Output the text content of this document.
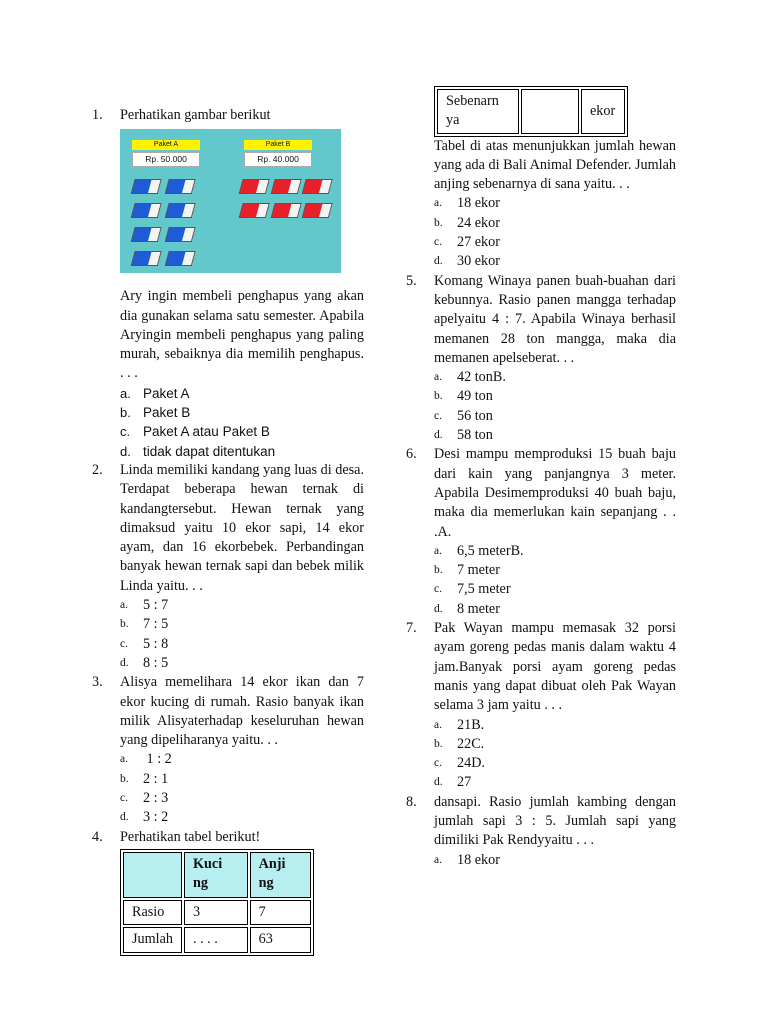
1.	Perhatikan gambar berikut
Paket A
Rp. 50.000
Paket B
Rp. 40.000
Ary ingin membeli penghapus yang akan dia gunakan selama satu semester. Apabila Aryingin membeli penghapus yang paling murah, sebaiknya dia memilih penghapus. . . .
a. Paket A
b. Paket B
c. Paket A atau Paket B
d. tidak dapat ditentukan
2.	Linda memiliki kandang yang luas di desa. Terdapat beberapa hewan ternak di kandangtersebut. Hewan ternak yang dimaksud yaitu 10 ekor sapi, 14 ekor ayam, dan 16 ekorbebek. Perbandingan banyak hewan ternak sapi dan bebek milik Linda yaitu. . .
a.	5 : 7
b.	7 : 5
c.	5 : 8
d.	8 : 5
3.	Alisya memelihara 14 ekor ikan dan 7 ekor kucing di rumah. Rasio banyak ikan milik Alisyaterhadap keseluruhan hewan yang dipeliharanya yaitu. . .
a.	1 : 2
b.	2 : 1
c.	2 : 3
d.	3 : 2
4.	Perhatikan tabel berikut!
	Kuci ng	Anji ng
Rasio	3	7
Jumlah	. . . .	63
Sebenarn ya		ekor
Tabel di atas menunjukkan jumlah hewan yang ada di Bali Animal Defender. Jumlah anjing sebenarnya di sana yaitu. . .
a.	18 ekor
b.	24 ekor
c.	27 ekor
d.	30 ekor
5.	Komang Winaya panen buah-buahan dari kebunnya. Rasio panen mangga terhadap apelyaitu 4 : 7. Apabila Winaya berhasil memanen 28 ton mangga, maka dia memanen apelseberat. . .
a.	42 tonB.
b.	49 ton
c.	56 ton
d.	58 ton
6.	Desi mampu memproduksi 15 buah baju dari kain yang panjangnya 3 meter. Apabila Desimemproduksi 40 buah baju, maka dia memerlukan kain sepanjang . . .A.
a.	6,5 meterB.
b.	7 meter
c.	7,5 meter
d.	8 meter
7.	Pak Wayan mampu memasak 32 porsi ayam goreng pedas manis dalam waktu 4 jam.Banyak porsi ayam goreng pedas manis yang dapat dibuat oleh Pak Wayan selama 3 jam yaitu . . .
a.	21B.
b.	22C.
c.	24D.
d.	27
8.	dansapi. Rasio jumlah kambing dengan jumlah sapi 3 : 5. Jumlah sapi yang dimiliki Pak Rendyyaitu . . .
a.	18 ekor
